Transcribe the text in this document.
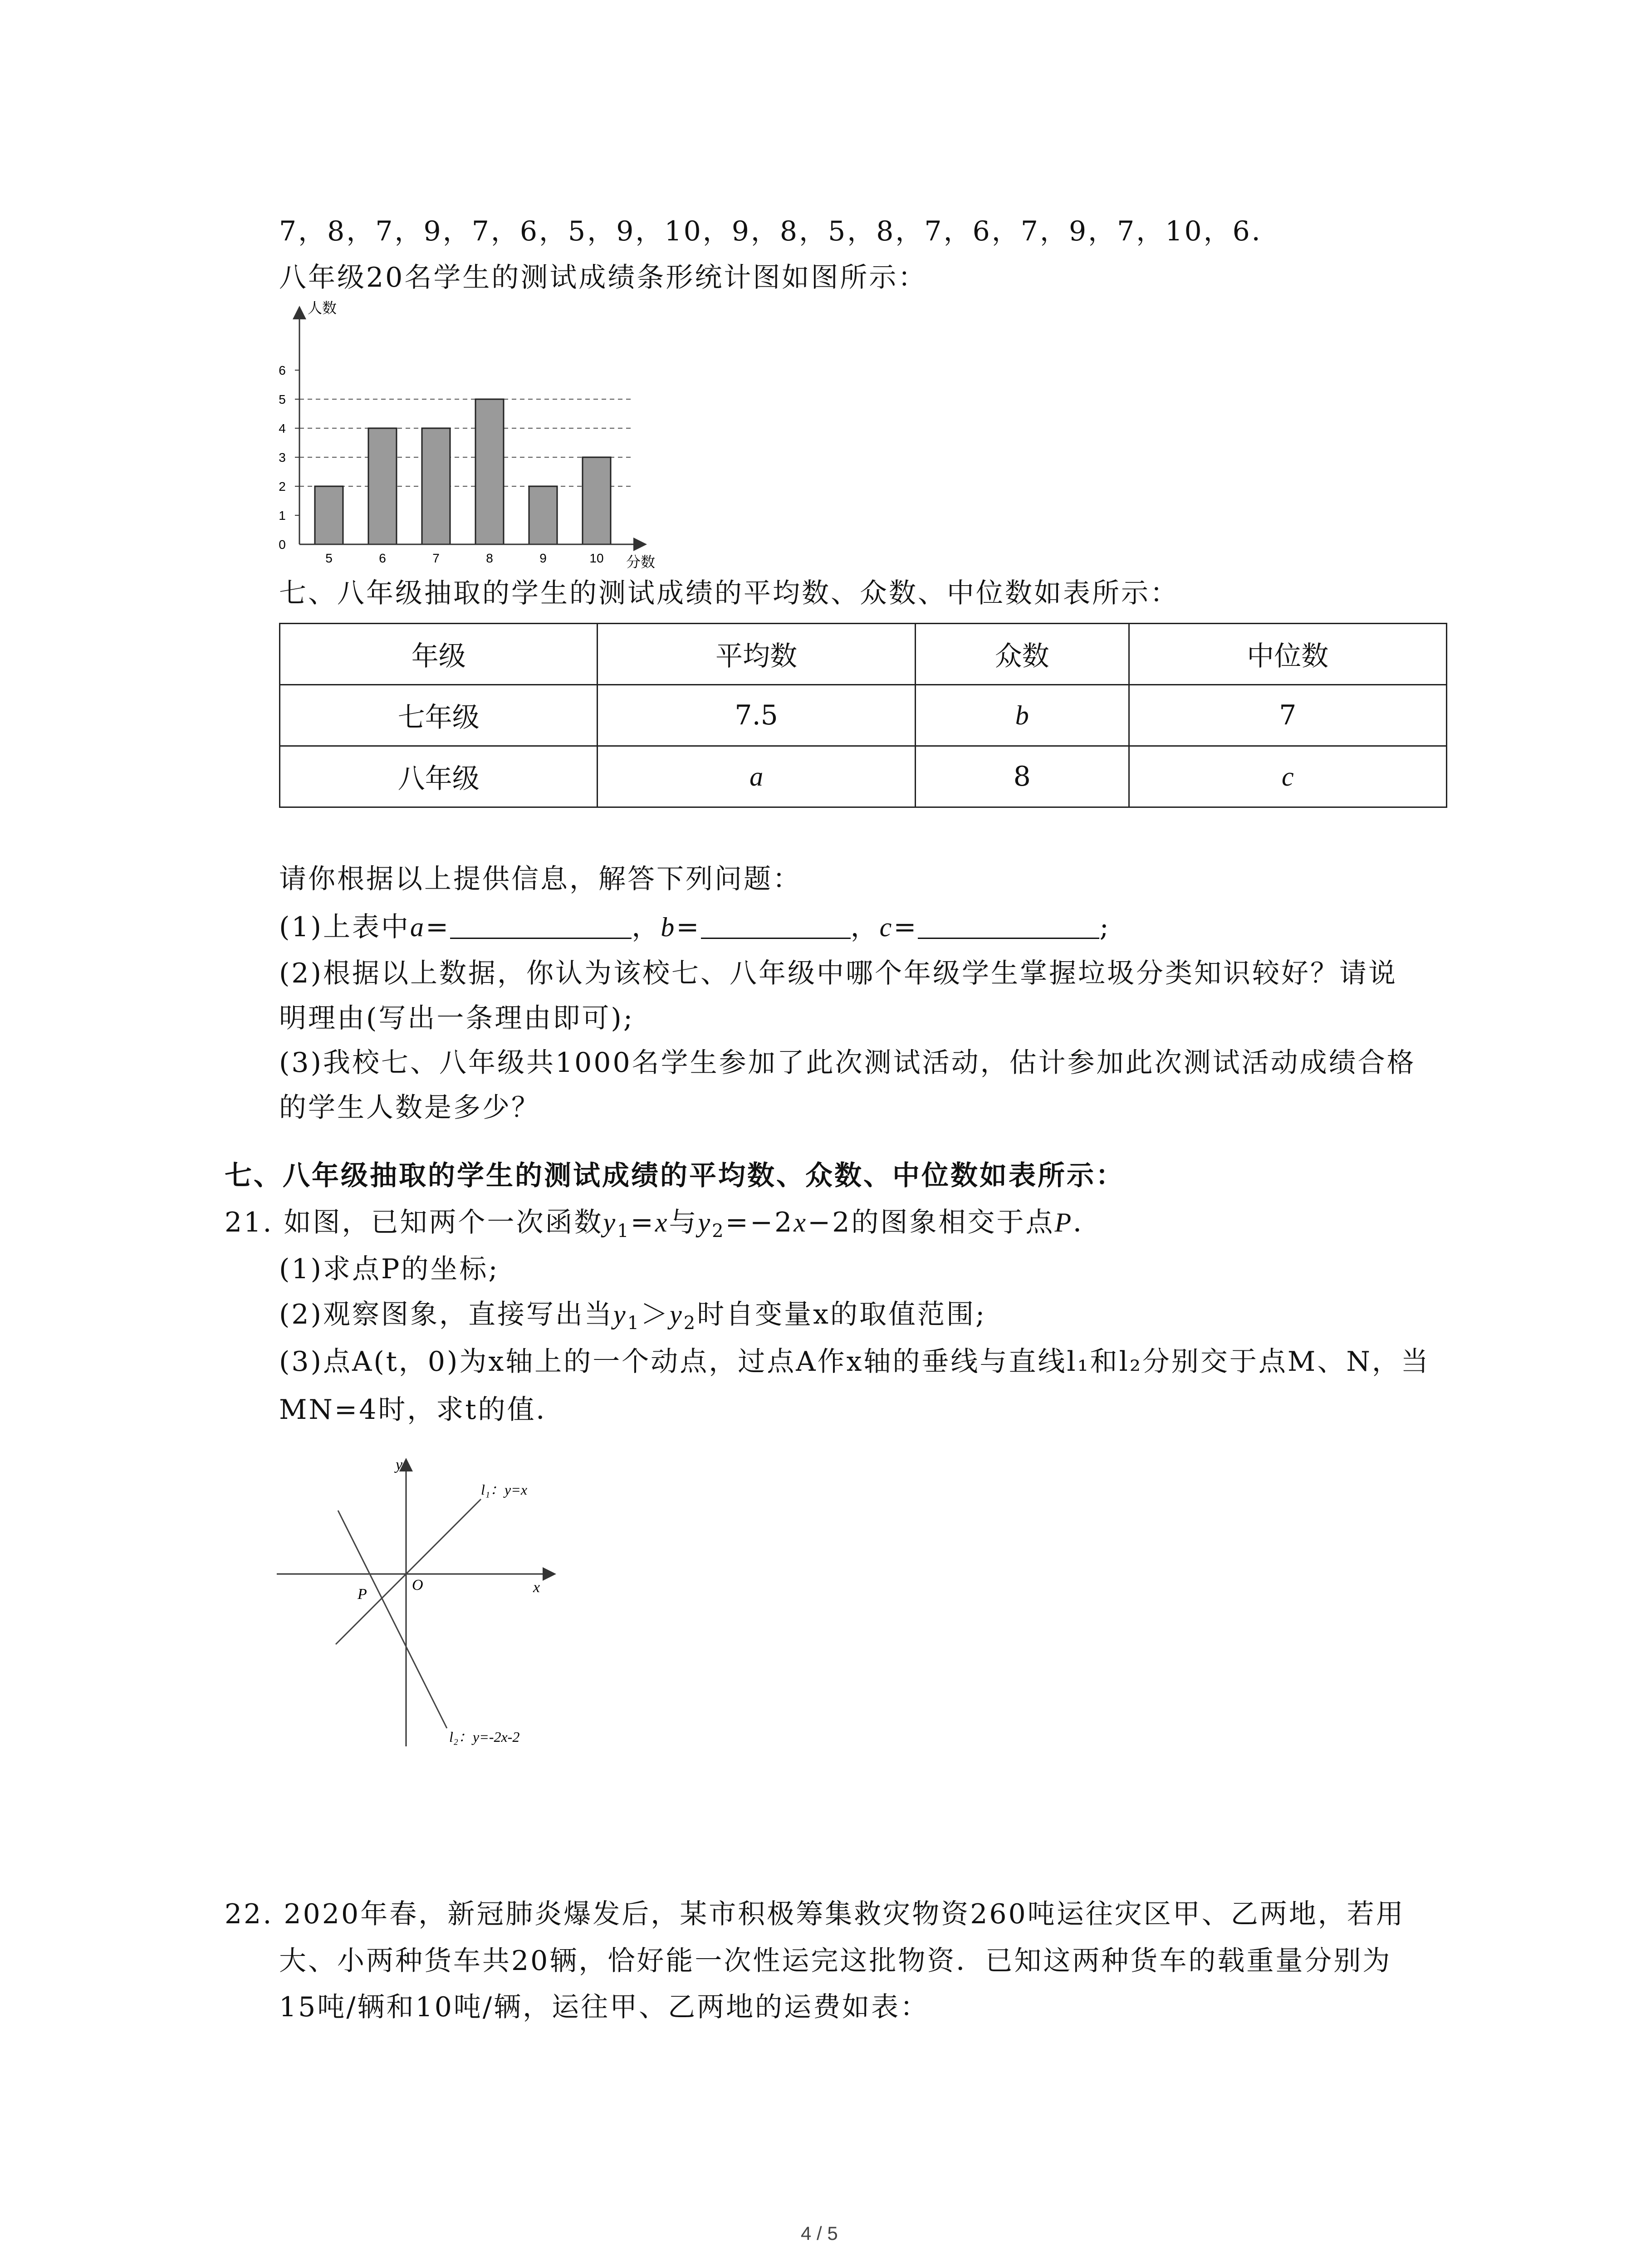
7，8，7，9，7，6，5，9，10，9，8，5，8，7，6，7，9，7，10，6．
八年级20名学生的测试成绩条形统计图如图所示：
5	6	7	8	9	10
0
1
2
3
4
5
6
人数
分数
七、八年级抽取的学生的测试成绩的平均数、众数、中位数如表所示：
年级	平均数	众数	中位数
七年级	7.5	b	7
八年级	a	8	c
请你根据以上提供信息，解答下列问题：
(1)上表中a=	，b=	，c=	;
(2)根据以上数据，你认为该校七、八年级中哪个年级学生掌握垃圾分类知识较好？请说
明理由(写出一条理由即可);
(3)我校七、八年级共1000名学生参加了此次测试活动，估计参加此次测试活动成绩合格
的学生人数是多少？
七、八年级抽取的学生的测试成绩的平均数、众数、中位数如表所示：
21. 如图，已知两个一次函数$y_1=x$与$y_2=-2x-2$的图象相交于点P．
(1)求点P的坐标;
(2)观察图象，直接写出当$y_1>y_2$时自变量x的取值范围;
(3)点A(t，0)为x轴上的一个动点，过点A作x轴的垂线与直线l₁和l₂分别交于点M、N，当
MN=4时，求t的值．
y
x
O
P
l₁：y=x
l₂：y=-2x-2
22. 2020年春，新冠肺炎爆发后，某市积极筹集救灾物资260吨运往灾区甲、乙两地，若用
大、小两种货车共20辆，恰好能一次性运完这批物资．已知这两种货车的载重量分别为
15吨/辆和10吨/辆，运往甲、乙两地的运费如表：
4 / 5
